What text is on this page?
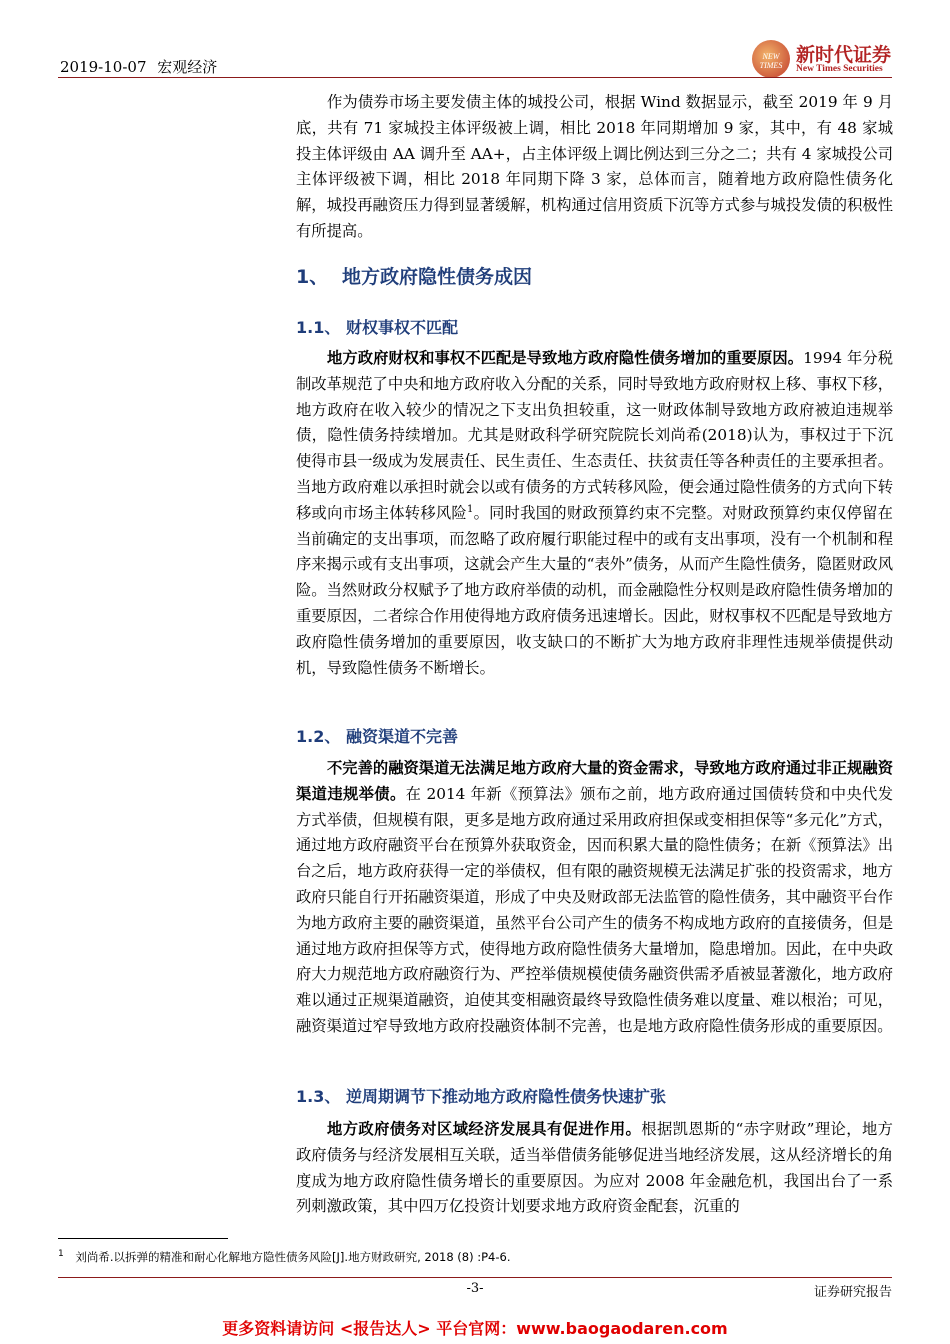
2019-10-07 宏观经济
NEW TIMES 新时代证券
New Times Securities

作为债券市场主要发债主体的城投公司，根据 Wind 数据显示，截至 2019 年 9 月底，共有 71 家城投主体评级被上调，相比 2018 年同期增加 9 家，其中，有 48 家城投主体评级由 AA 调升至 AA+，占主体评级上调比例达到三分之二；共有 4 家城投公司主体评级被下调，相比 2018 年同期下降 3 家，总体而言，随着地方政府隐性债务化解，城投再融资压力得到显著缓解，机构通过信用资质下沉等方式参与城投发债的积极性有所提高。

1、 地方政府隐性债务成因
1.1、 财权事权不匹配

地方政府财权和事权不匹配是导致地方政府隐性债务增加的重要原因。1994 年分税制改革规范了中央和地方政府收入分配的关系，同时导致地方政府财权上移、事权下移，地方政府在收入较少的情况之下支出负担较重，这一财政体制导致地方政府被迫违规举债，隐性债务持续增加。尤其是财政科学研究院院长刘尚希(2018)认为，事权过于下沉使得市县一级成为发展责任、民生责任、生态责任、扶贫责任等各种责任的主要承担者。当地方政府难以承担时就会以或有债务的方式转移风险，便会通过隐性债务的方式向下转移或向市场主体转移风险$^1$。同时我国的财政预算约束不完整。对财政预算约束仅停留在当前确定的支出事项，而忽略了政府履行职能过程中的或有支出事项，没有一个机制和程序来揭示或有支出事项，这就会产生大量的“表外”债务，从而产生隐性债务，隐匿财政风险。当然财政分权赋予了地方政府举债的动机，而金融隐性分权则是政府隐性债务增加的重要原因，二者综合作用使得地方政府债务迅速增长。因此，财权事权不匹配是导致地方政府隐性债务增加的重要原因，收支缺口的不断扩大为地方政府非理性违规举债提供动机，导致隐性债务不断增长。

1.2、 融资渠道不完善

不完善的融资渠道无法满足地方政府大量的资金需求，导致地方政府通过非正规融资渠道违规举债。在 2014 年新《预算法》颁布之前，地方政府通过国债转贷和中央代发方式举债，但规模有限，更多是地方政府通过采用政府担保或变相担保等“多元化”方式，通过地方政府融资平台在预算外获取资金，因而积累大量的隐性债务；在新《预算法》出台之后，地方政府获得一定的举债权，但有限的融资规模无法满足扩张的投资需求，地方政府只能自行开拓融资渠道，形成了中央及财政部无法监管的隐性债务，其中融资平台作为地方政府主要的融资渠道，虽然平台公司产生的债务不构成地方政府的直接债务，但是通过地方政府担保等方式，使得地方政府隐性债务大量增加，隐患增加。因此，在中央政府大力规范地方政府融资行为、严控举债规模使债务融资供需矛盾被显著激化，地方政府难以通过正规渠道融资，迫使其变相融资最终导致隐性债务难以度量、难以根治；可见，融资渠道过窄导致地方政府投融资体制不完善，也是地方政府隐性债务形成的重要原因。

1.3、 逆周期调节下推动地方政府隐性债务快速扩张

地方政府债务对区域经济发展具有促进作用。根据凯恩斯的“赤字财政”理论，地方政府债务与经济发展相互关联，适当举借债务能够促进当地经济发展，这从经济增长的角度成为地方政府隐性债务增长的重要原因。为应对 2008 年金融危机，我国出台了一系列刺激政策，其中四万亿投资计划要求地方政府资金配套，沉重的

$^1$ 刘尚希.以拆弹的精准和耐心化解地方隐性债务风险[J].地方财政研究, 2018 (8) :P4-6.
-3-	证券研究报告
更多资料请访问 <报告达人> 平台官网：www.baogaodaren.com
